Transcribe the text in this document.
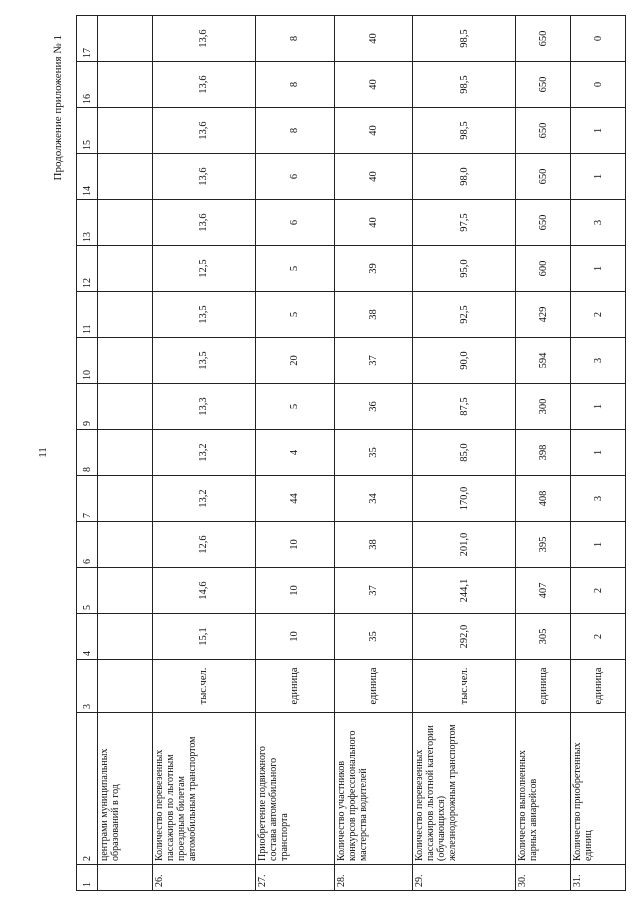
11
Продолжение приложения № 1
1	2	3	4	5	6	7	8	9	10	11	12	13	14	15	16	17
	центрами муниципальных образований в год															
26.	Количество перевезенных пассажиров по льготным проездным билетам автомобильным транспортом	тыс.чел.	15,1	14,6	12,6	13,2	13,2	13,3	13,5	13,5	12,5	13,6	13,6	13,6	13,6	13,6
27.	Приобретение подвижного состава автомобильного транспорта	единица	10	10	10	44	4	5	20	5	5	6	6	8	8	8
28.	Количество участников конкурсов профессионального мастерства водителей	единица	35	37	38	34	35	36	37	38	39	40	40	40	40	40
29.	Количество перевезенных пассажиров льготной категории (обучающихся) железнодорожным транспортом	тыс.чел.	292,0	244,1	201,0	170,0	85,0	87,5	90,0	92,5	95,0	97,5	98,0	98,5	98,5	98,5
30.	Количество выполненных парных авиарейсов	единица	305	407	395	408	398	300	594	429	600	650	650	650	650	650
31.	Количество приобретенных единиц	единица	2	2	1	3	1	1	3	2	1	3	1	1	0	0
